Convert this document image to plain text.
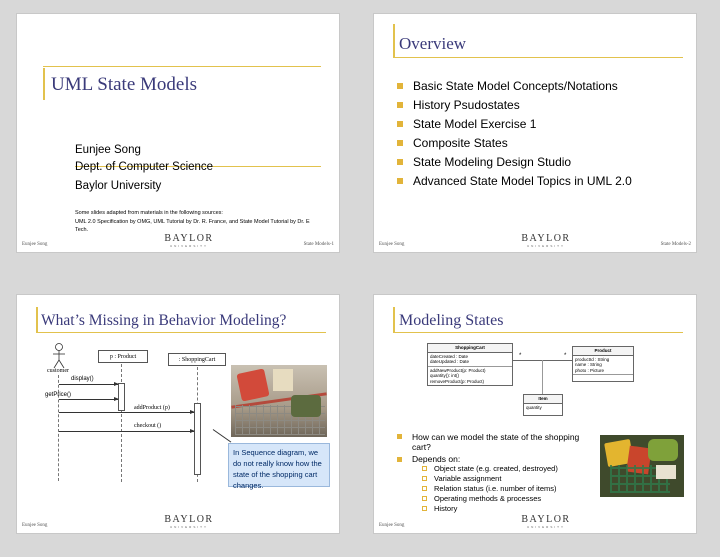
UML State Models
Eunjee Song
Dept. of Computer Science
Baylor University
Some slides adapted from materials in the following sources:
UML 2.0 Specification by OMG, UML Tutorial by Dr. R. France, and State Model Tutorial by Dr. E Tech.
Eunjee Song
BAYLOR
UNIVERSITY	State Models-1
Overview
Basic State Model Concepts/Notations
History Psudostates
State Model Exercise 1
Composite States
State Modeling Design Studio
Advanced State Model Topics in UML 2.0
Eunjee Song
BAYLOR
UNIVERSITY	State Models-2
What’s Missing in Behavior Modeling?
customer
p : Product	: ShoppingCart
display()
getPrice()
addProduct (p)
checkout ()
In Sequence diagram, we do not really know how the state of the shopping cart changes.
Eunjee Song
BAYLOR
UNIVERSITY
Modeling States
ShoppingCart
dateCreated : Date
dateUpdated : Date
addNewProduct(p: Product)
quantity(): int()
removeProduct(p: Product)
Product
productId : String
name : String
photo : Picture
*	*
Item
quantity
How can we model the state of the shopping cart?
Depends on:
Object state (e.g. created, destroyed)
Variable assignment
Relation status (i.e. number of items)
Operating methods & processes
History
Eunjee Song
BAYLOR
UNIVERSITY
